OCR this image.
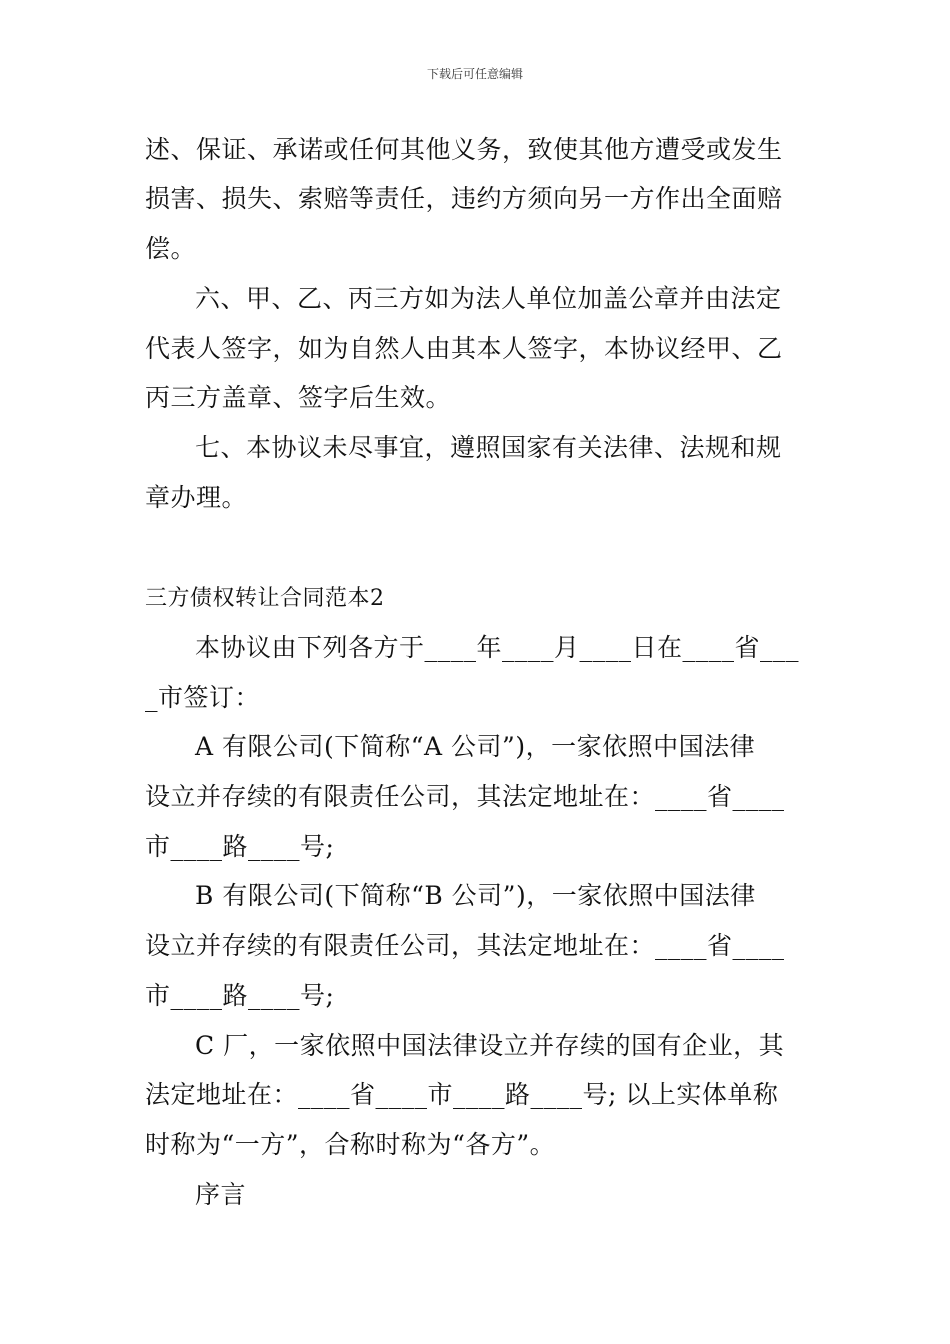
下载后可任意编辑
述、保证、承诺或任何其他义务，致使其他方遭受或发生
损害、损失、索赔等责任，违约方须向另一方作出全面赔
偿。
六、甲、乙、丙三方如为法人单位加盖公章并由法定
代表人签字，如为自然人由其本人签字，本协议经甲、乙
丙三方盖章、签字后生效。
七、本协议未尽事宜，遵照国家有关法律、法规和规
章办理。
三方债权转让合同范本2
本协议由下列各方于____年____月____日在____省___
_市签订：
A 有限公司(下简称“A 公司”)，一家依照中国法律
设立并存续的有限责任公司，其法定地址在：____省____
市____路____号;
B 有限公司(下简称“B 公司”)，一家依照中国法律
设立并存续的有限责任公司，其法定地址在：____省____
市____路____号;
C 厂，一家依照中国法律设立并存续的国有企业，其
法定地址在：____省____市____路____号; 以上实体单称
时称为“一方”，合称时称为“各方”。
序言
